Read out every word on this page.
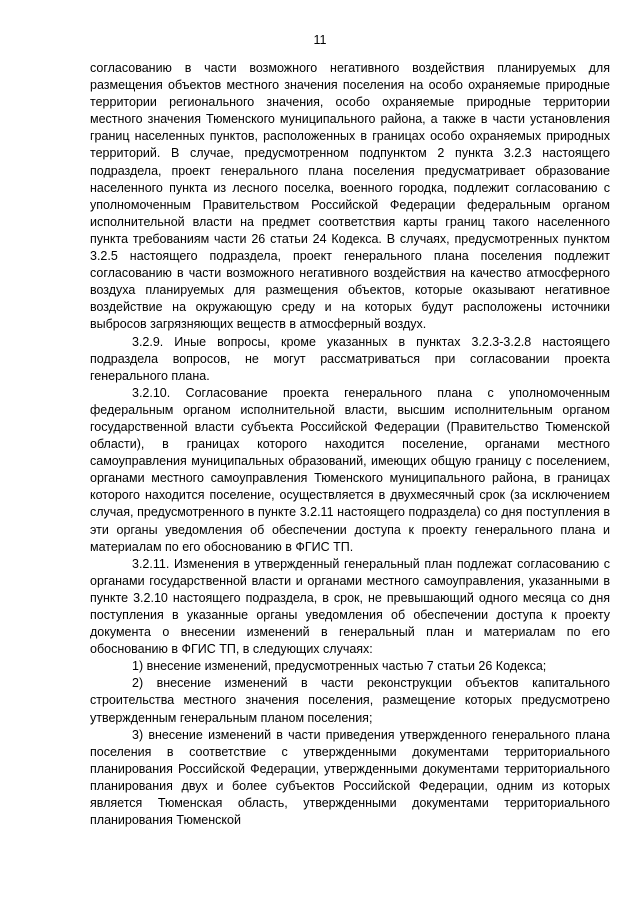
11

согласованию в части возможного негативного воздействия планируемых для размещения объектов местного значения поселения на особо охраняемые природные территории регионального значения, особо охраняемые природные территории местного значения Тюменского муниципального района, а также в части установления границ населенных пунктов, расположенных в границах особо охраняемых природных территорий. В случае, предусмотренном подпунктом 2 пункта 3.2.3 настоящего подраздела, проект генерального плана поселения предусматривает образование населенного пункта из лесного поселка, военного городка, подлежит согласованию с уполномоченным Правительством Российской Федерации федеральным органом исполнительной власти на предмет соответствия карты границ такого населенного пункта требованиям части 26 статьи 24 Кодекса. В случаях, предусмотренных пунктом 3.2.5 настоящего подраздела, проект генерального плана поселения подлежит согласованию в части возможного негативного воздействия на качество атмосферного воздуха планируемых для размещения объектов, которые оказывают негативное воздействие на окружающую среду и на которых будут расположены источники выбросов загрязняющих веществ в атмосферный воздух.

3.2.9. Иные вопросы, кроме указанных в пунктах 3.2.3-3.2.8 настоящего подраздела вопросов, не могут рассматриваться при согласовании проекта генерального плана.

3.2.10. Согласование проекта генерального плана с уполномоченным федеральным органом исполнительной власти, высшим исполнительным органом государственной власти субъекта Российской Федерации (Правительство Тюменской области), в границах которого находится поселение, органами местного самоуправления муниципальных образований, имеющих общую границу с поселением, органами местного самоуправления Тюменского муниципального района, в границах которого находится поселение, осуществляется в двухмесячный срок (за исключением случая, предусмотренного в пункте 3.2.11 настоящего подраздела) со дня поступления в эти органы уведомления об обеспечении доступа к проекту генерального плана и материалам по его обоснованию в ФГИС ТП.

3.2.11. Изменения в утвержденный генеральный план подлежат согласованию с органами государственной власти и органами местного самоуправления, указанными в пункте 3.2.10 настоящего подраздела, в срок, не превышающий одного месяца со дня поступления в указанные органы уведомления об обеспечении доступа к проекту документа о внесении изменений в генеральный план и материалам по его обоснованию в ФГИС ТП, в следующих случаях:

1) внесение изменений, предусмотренных частью 7 статьи 26 Кодекса;

2) внесение изменений в части реконструкции объектов капитального строительства местного значения поселения, размещение которых предусмотрено утвержденным генеральным планом поселения;

3) внесение изменений в части приведения утвержденного генерального плана поселения в соответствие с утвержденными документами территориального планирования Российской Федерации, утвержденными документами территориального планирования двух и более субъектов Российской Федерации, одним из которых является Тюменская область, утвержденными документами территориального планирования Тюменской
